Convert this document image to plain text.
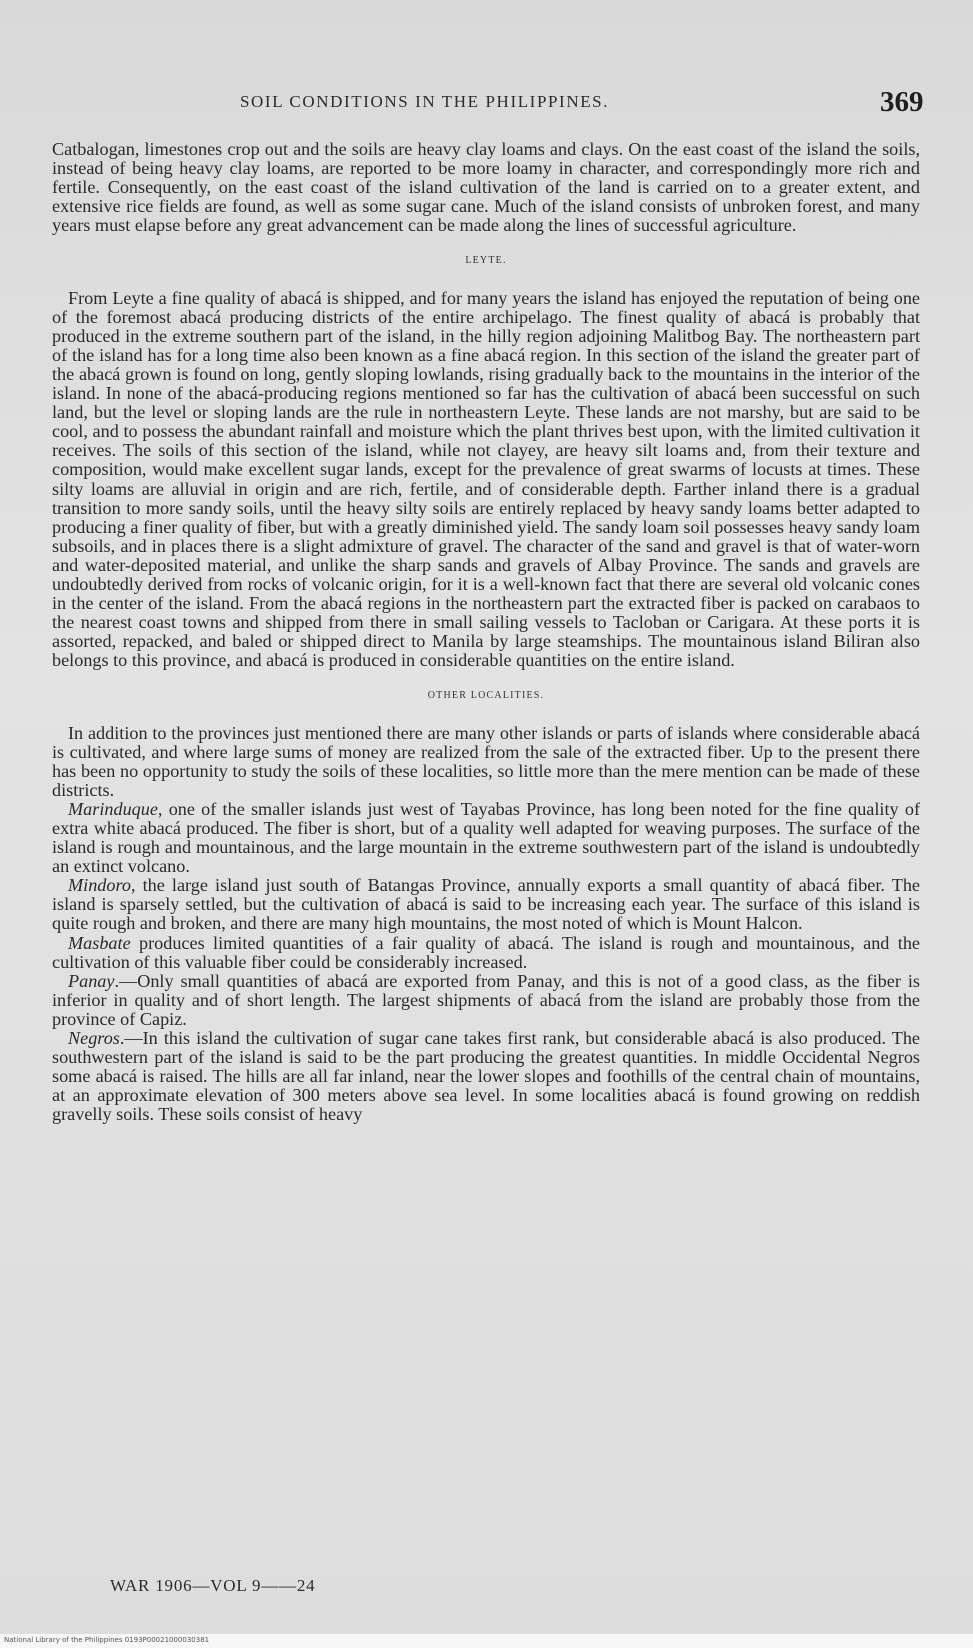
SOIL CONDITIONS IN THE PHILIPPINES.	369

Catbalogan, limestones crop out and the soils are heavy clay loams and clays. On the east coast of the island the soils, instead of being heavy clay loams, are reported to be more loamy in character, and correspondingly more rich and fertile. Consequently, on the east coast of the island cultivation of the land is carried on to a greater extent, and extensive rice fields are found, as well as some sugar cane. Much of the island consists of unbroken forest, and many years must elapse before any great advancement can be made along the lines of successful agriculture.

LEYTE.

From Leyte a fine quality of abacá is shipped, and for many years the island has enjoyed the reputation of being one of the foremost abacá producing districts of the entire archipelago. The finest quality of abacá is probably that produced in the extreme southern part of the island, in the hilly region adjoining Malitbog Bay. The northeastern part of the island has for a long time also been known as a fine abacá region. In this section of the island the greater part of the abacá grown is found on long, gently sloping lowlands, rising gradually back to the mountains in the interior of the island. In none of the abacá-producing regions mentioned so far has the cultivation of abacá been successful on such land, but the level or sloping lands are the rule in northeastern Leyte. These lands are not marshy, but are said to be cool, and to possess the abundant rainfall and moisture which the plant thrives best upon, with the limited cultivation it receives. The soils of this section of the island, while not clayey, are heavy silt loams and, from their texture and composition, would make excellent sugar lands, except for the prevalence of great swarms of locusts at times. These silty loams are alluvial in origin and are rich, fertile, and of considerable depth. Farther inland there is a gradual transition to more sandy soils, until the heavy silty soils are entirely replaced by heavy sandy loams better adapted to producing a finer quality of fiber, but with a greatly diminished yield. The sandy loam soil possesses heavy sandy loam subsoils, and in places there is a slight admixture of gravel. The character of the sand and gravel is that of water-worn and water-deposited material, and unlike the sharp sands and gravels of Albay Province. The sands and gravels are undoubtedly derived from rocks of volcanic origin, for it is a well-known fact that there are several old volcanic cones in the center of the island. From the abacá regions in the northeastern part the extracted fiber is packed on carabaos to the nearest coast towns and shipped from there in small sailing vessels to Tacloban or Carigara. At these ports it is assorted, repacked, and baled or shipped direct to Manila by large steamships. The mountainous island Biliran also belongs to this province, and abacá is produced in considerable quantities on the entire island.

OTHER LOCALITIES.

In addition to the provinces just mentioned there are many other islands or parts of islands where considerable abacá is cultivated, and where large sums of money are realized from the sale of the extracted fiber. Up to the present there has been no opportunity to study the soils of these localities, so little more than the mere mention can be made of these districts.

Marinduque, one of the smaller islands just west of Tayabas Province, has long been noted for the fine quality of extra white abacá produced. The fiber is short, but of a quality well adapted for weaving purposes. The surface of the island is rough and mountainous, and the large mountain in the extreme southwestern part of the island is undoubtedly an extinct volcano.

Mindoro, the large island just south of Batangas Province, annually exports a small quantity of abacá fiber. The island is sparsely settled, but the cultivation of abacá is said to be increasing each year. The surface of this island is quite rough and broken, and there are many high mountains, the most noted of which is Mount Halcon.

Masbate produces limited quantities of a fair quality of abacá. The island is rough and mountainous, and the cultivation of this valuable fiber could be considerably increased.

Panay.—Only small quantities of abacá are exported from Panay, and this is not of a good class, as the fiber is inferior in quality and of short length. The largest shipments of abacá from the island are probably those from the province of Capiz.

Negros.—In this island the cultivation of sugar cane takes first rank, but considerable abacá is also produced. The southwestern part of the island is said to be the part producing the greatest quantities. In middle Occidental Negros some abacá is raised. The hills are all far inland, near the lower slopes and foothills of the central chain of mountains, at an approximate elevation of 300 meters above sea level. In some localities abacá is found growing on reddish gravelly soils. These soils consist of heavy

WAR 1906—VOL 9——24
National Library of the Philippines 0193P00021000030381
